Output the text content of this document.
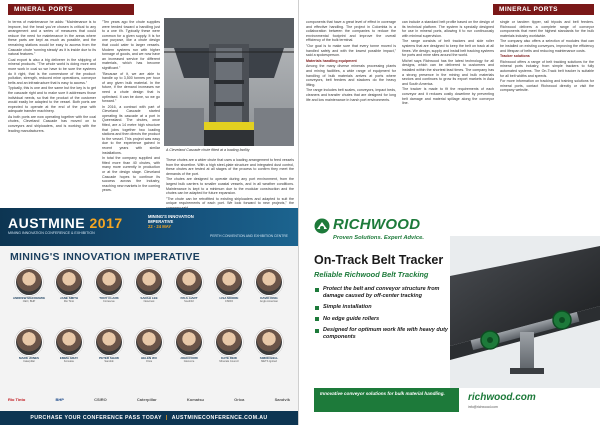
MINERAL PORTS

In terms of maintenance he adds: "Maintenance is to improve, but the head you've chosen is critical to any arrangement and a series of measures that could reduce the need for maintenance in the areas where these parts are kept as much as possible, and the remaining stations would be easy to access from the Cascade chute 'running steady' as it is inside due to its natural features."

Coal export is also a big deliverer in the shipping of mineral products. "The whole world is doing more and more work in coal so we have to be sure the systems do it right, that is the cornerstone of the product: pollution, strength, reduced mine operations, conveyor belts and an infrastructure that is easy to access."

Typically, this is one and the same but the key is to get the cascade right and to make sure it addresses those individual needs, so that the product of the customer would easily be adapted to the vessel. Both ports are expected to operate at the end of the year with adequate transfer machinery.

As both ports are now operating together with the coal chutes, Cleveland Cascade has moved on to conveyors and shiploaders, and is working with the leading manufacturers.

"Ten years ago the chute supplies were tended toward a handling just to a one t/h. Typically these were common for a given supply. It is for one purpose, like a chute design that could cater to larger vessels. Modern systems run with higher tonnage of goods, and we now have an increased service for different materials, which has become significant."

"Because of it, we are able to handle up to 3,500 tonnes per hour of any given bulk material. In the future, if the demand increases we need a chute design that is optimised. It can be done, so we go forward."

In 2016, a contract with part of Cleveland Cascade started operating its cascade at a port in Queensland. The chutes, once fitted, are a 14 metre high structure that joins together two loading stations and then directs the product to the vessel. This project was easy due to the experience gained in recent years with similar installations.

In total the company supplied and fitted more than 40 chutes, with many more currently in production or at the design stage. Cleveland Cascade hopes to continue its success across the industry, reaching new markets in the coming years.

A Cleveland Cascade chute fitted at a loading facility

These chutes are a wider chute that uses a loading arrangement to feed vessels from the shoreline. With a high steel-plate structure and integrated dust control, these chutes are tested at all stages of the process to confirm they meet the demands of the port.

The chutes are designed to operate during any port environment, from the largest bulk carriers to smaller coastal vessels, and in all weather conditions. Maintenance is kept to a minimum due to the modular construction and the chutes can be adapted for future expansion.

"The chute can be retrofitted to existing shiploaders and adapted to suit the unique requirements of each port. We look forward to new projects," the

MINERAL PORTS

components that have a great level of effect in coverage and effective handling. The project in Colombia is a collaboration between the companies to reduce the environmental footprint and improve the overall efficiency of the bulk terminal.

"Our goal is to make sure that every tonne moved is handled safely and with the lowest possible impact," said a spokesperson.

Materials handling equipment

Among the many diverse minerals processing plants and mining facilities, a wide range of equipment for handling of bulk materials arrives at ports where conveyors, belt feeders and stackers do the heavy lifting.

The range includes belt scales, conveyors, impact beds, cleaners and transfer chutes that are designed for long life and low maintenance in harsh port environments.

can include a standard belt profile based on the design of its technical platform. The system is specially designed for use in mineral ports, allowing it to run continuously with minimal supervision.

The range consists of belt trackers and side roller systems that are designed to keep the belt on track at all times. We design, supply and install belt tracking systems for ports and mine sites around the world.

Michel says Richwood has the latest technology for all designs, which can be delivered to customers and installed within the shortest lead times. The company has a strong presence in the mining and bulk materials sectors and continues to grow its export markets in Asia and South America.

The tracker is made to fit the requirements of each conveyor and it reduces costly downtime by preventing belt damage and material spillage along the conveyor line.

single or tandem tipper, rail tripods and belt feeders. Richwood delivers a complete range of conveyor components that meet the highest standards for the bulk materials industry worldwide.

The company also offers a selection of modules that can be installed on existing conveyors, improving the efficiency and lifespan of belts and reducing maintenance costs.

Tracker solutions

Richwood offers a range of belt tracking solutions for the mineral ports industry, from simple trackers to fully automated systems. The On-Track belt tracker is suitable for all belt widths and speeds.

For more information on tracking and training solutions for mineral ports, contact Richwood directly or visit the company website.

AUSTMINE 2017
MINING INNOVATION CONFERENCE & EXHIBITION
MINING'S INNOVATION
IMPERATIVE
22 - 24 MAY
PERTH CONVENTION AND EXHIBITION CENTRE
MINING'S INNOVATION IMPERATIVE
ANDREW MACKENZIE
CEO, BHP
JANE SMITH
Rio Tinto
TONY CLARK
Fortescue
SARAH LEE
Newcrest
PAUL HART
South32
LISA MOORE
CSIRO
DAVID KING
Anglo American
MARK JONES
Caterpillar
EMMA GRAY
Komatsu
PETER SHAW
Sandvik
HELEN WU
Orica
JOHN FORD
Glencore
KATE REID
Minerals Council
SIMON BELL
METS Ignited
Rio Tinto	BHP	CSIRO	Caterpillar	Komatsu	Orica	Sandvik
PURCHASE YOUR CONFERENCE PASS TODAY | AUSTMINECONFERENCE.COM.AU
RICHWOOD
Proven Solutions. Expert Advice.
On-Track Belt Tracker
Reliable Richwood Belt Tracking
Protect the belt and conveyor structure from damage caused by off-center tracking
Simple installation
No edge guide rollers
Designed for optimum work life with heavy duty components
Innovative conveyor solutions for bulk material handling.	richwood.com
info@richwood.com
